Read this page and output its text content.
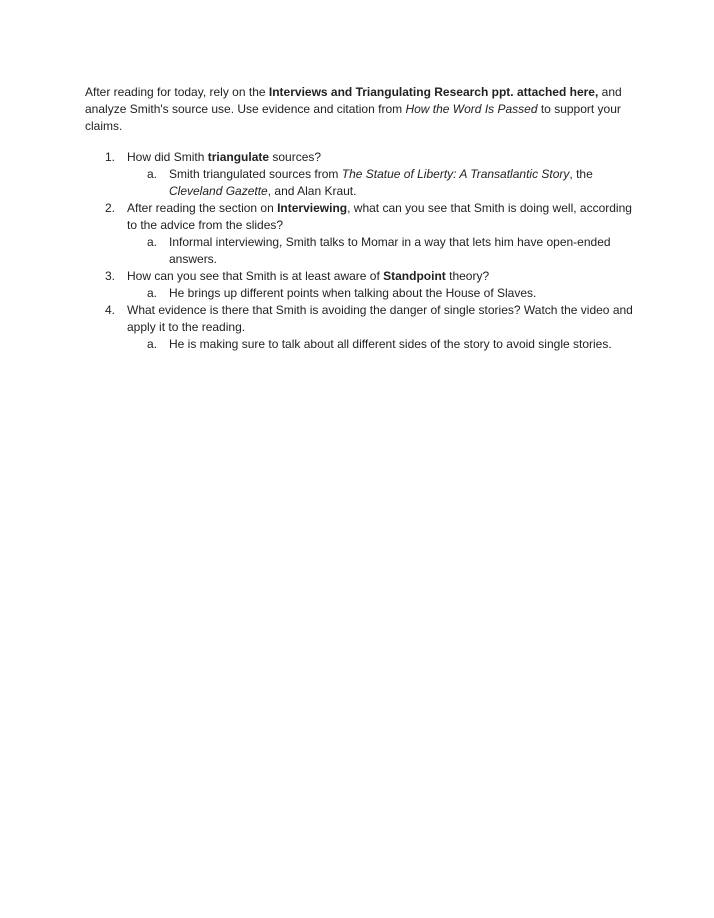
After reading for today, rely on the Interviews and Triangulating Research ppt. attached here, and analyze Smith's source use. Use evidence and citation from How the Word Is Passed to support your claims.

1. How did Smith triangulate sources?
a. Smith triangulated sources from The Statue of Liberty: A Transatlantic Story, the Cleveland Gazette, and Alan Kraut.
2. After reading the section on Interviewing, what can you see that Smith is doing well, according to the advice from the slides?
a. Informal interviewing, Smith talks to Momar in a way that lets him have open-ended answers.
3. How can you see that Smith is at least aware of Standpoint theory?
a. He brings up different points when talking about the House of Slaves.
4. What evidence is there that Smith is avoiding the danger of single stories? Watch the video and apply it to the reading.
a. He is making sure to talk about all different sides of the story to avoid single stories.
